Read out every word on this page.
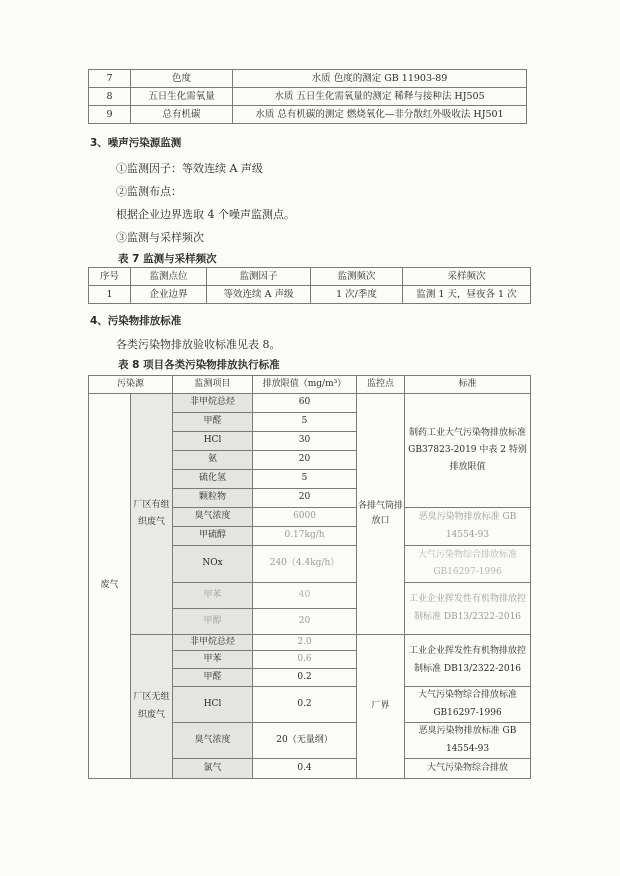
7	色度	水质 色度的测定 GB 11903-89
8	五日生化需氧量	水质 五日生化需氧量的测定 稀释与接种法 HJ505
9	总有机碳	水质 总有机碳的测定 燃烧氧化—非分散红外吸收法 HJ501
3、噪声污染源监测
①监测因子：等效连续 A 声级
②监测布点：
根据企业边界选取 4 个噪声监测点。
③监测与采样频次
表 7 监测与采样频次
序号	监测点位	监测因子	监测频次	采样频次
1	企业边界	等效连续 A 声级	1 次/季度	监测 1 天，昼夜各 1 次
4、污染物排放标准
各类污染物排放验收标准见表 8。
表 8 项目各类污染物排放执行标准
污染源		监测项目	排放限值（mg/m³）	监控点	标准
废气	厂区有组织废气	非甲烷总烃	60	各排气筒排放口	制药工业大气污染物排放标准 GB37823-2019 中表 2 特别排放限值
		甲醛	5		
		HCl	30		
		氨	20		
		硫化氢	5		
		颗粒物	20		
		臭气浓度	6000		恶臭污染物排放标准 GB 14554-93
		甲硫醇	0.17kg/h		
		NOx	240（4.4kg/h）		大气污染物综合排放标准 GB16297-1996
		甲苯	40		工业企业挥发性有机物排放控制标准 DB13/2322-2016
		甲醇	20		
	厂区无组织废气	非甲烷总烃	2.0	厂界	工业企业挥发性有机物排放控制标准 DB13/2322-2016
		甲苯	0.6		
		甲醛	0.2		
		HCl	0.2		大气污染物综合排放标准 GB16297-1996
		臭气浓度	20（无量纲）		恶臭污染物排放标准 GB 14554-93
		氯气	0.4		大气污染物综合排放
